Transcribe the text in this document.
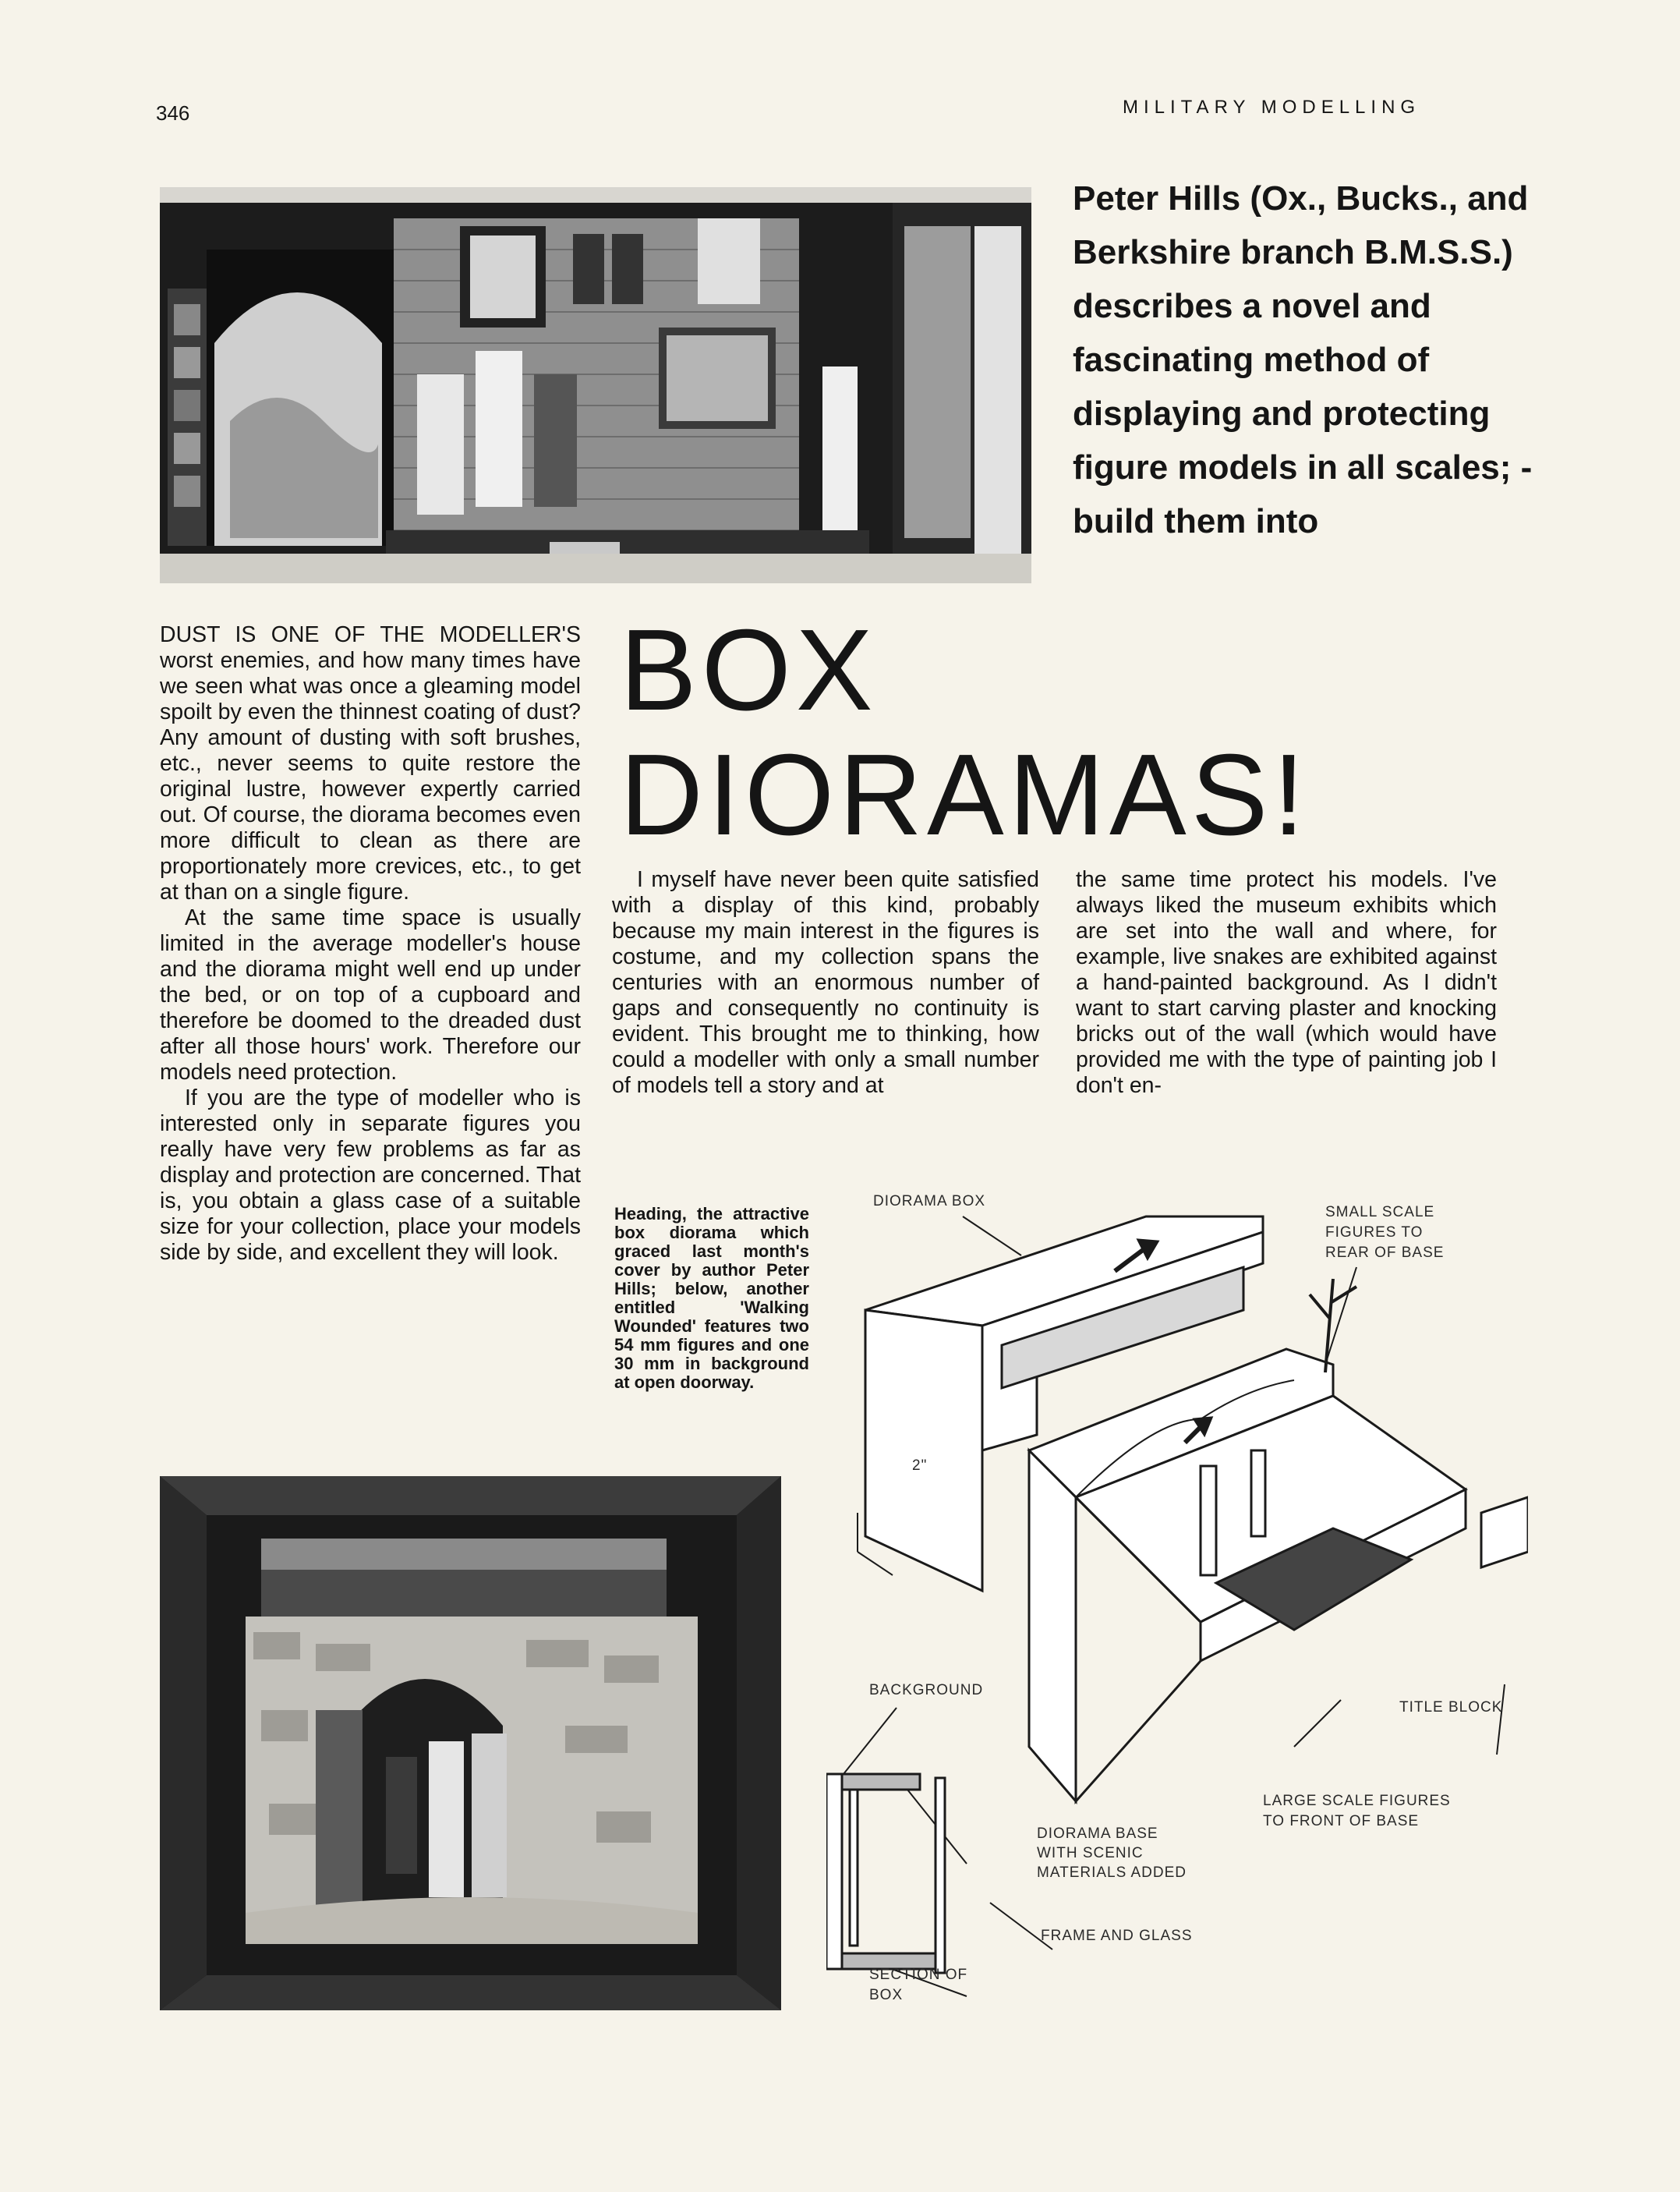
346	MILITARY MODELLING
Peter Hills (Ox., Bucks., and Berkshire branch B.M.S.S.) describes a novel and fascinating method of displaying and protecting figure models in all scales; - build them into
BOX
DIORAMAS!

DUST IS ONE OF THE MODELLER'S worst enemies, and how many times have we seen what was once a gleaming model spoilt by even the thinnest coating of dust? Any amount of dusting with soft brushes, etc., never seems to quite restore the original lustre, however expertly carried out. Of course, the diorama becomes even more difficult to clean as there are proportionately more crevices, etc., to get at than on a single figure.

At the same time space is usually limited in the average modeller's house and the diorama might well end up under the bed, or on top of a cupboard and therefore be doomed to the dreaded dust after all those hours' work. Therefore our models need protection.

If you are the type of modeller who is interested only in separate figures you really have very few problems as far as display and protection are concerned. That is, you obtain a glass case of a suitable size for your collection, place your models side by side, and excellent they will look.

I myself have never been quite satisfied with a display of this kind, probably because my main interest in the figures is costume, and my collection spans the centuries with an enormous number of gaps and consequently no continuity is evident. This brought me to thinking, how could a modeller with only a small number of models tell a story and at

the same time protect his models. I've always liked the museum exhibits which are set into the wall and where, for example, live snakes are exhibited against a hand-painted background. As I didn't want to start carving plaster and knocking bricks out of the wall (which would have provided me with the type of painting job I don't en-

Heading, the attractive box diorama which graced last month's cover by author Peter Hills; below, another entitled 'Walking Wounded' features two 54 mm figures and one 30 mm in background at open doorway.
DIORAMA BOX
SMALL SCALE
FIGURES TO
REAR OF BASE
2"
BACKGROUND
TITLE BLOCK
LARGE SCALE FIGURES
TO FRONT OF BASE
DIORAMA BASE
WITH SCENIC
MATERIALS ADDED
FRAME AND GLASS
SECTION OF
BOX
